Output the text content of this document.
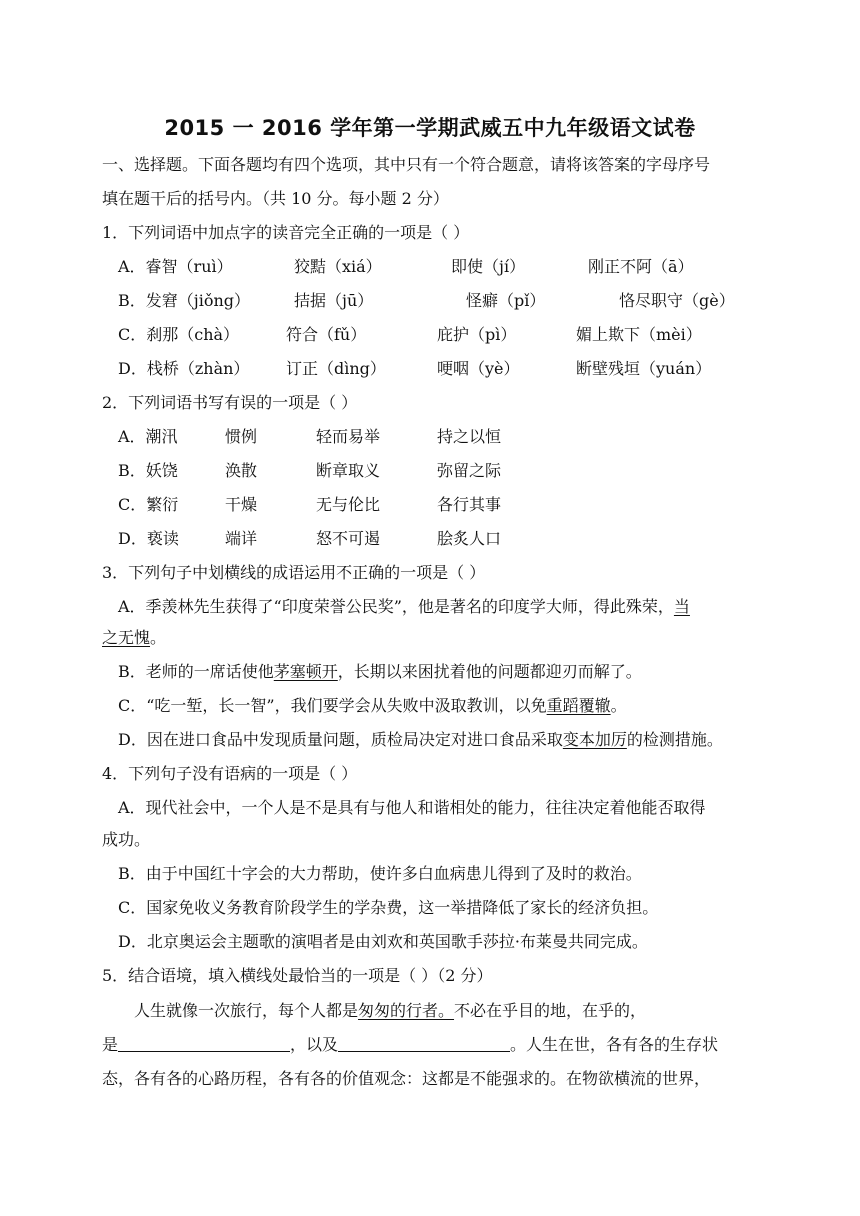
2015 一 2016 学年第一学期武威五中九年级语文试卷
一、选择题。下面各题均有四个选项，其中只有一个符合题意，请将该答案的字母序号
填在题干后的括号内。（共 10 分。每小题 2 分）
1．下列词语中加点字的读音完全正确的一项是（ ）
A．睿智（ruì）	狡黠（xiá）	即使（jí）	刚正不阿（ā）
B．发窘（jiǒng）	拮据（jū）	怪癖（pǐ）	恪尽职守（gè）
C．刹那（chà）	符合（fǔ）	庇护（pì）	媚上欺下（mèi）
D．栈桥（zhàn） 订正（dìng）	哽咽（yè）	断壁残垣（yuán）
2．下列词语书写有误的一项是（ ）
A．潮汛	惯例	轻而易举	持之以恒
B．妖饶	涣散	断章取义	弥留之际
C．繁衍	干燥	无与伦比	各行其事
D．亵读	端详	怒不可遏	脍炙人口
3．下列句子中划横线的成语运用不正确的一项是（ ）
A．季羡林先生获得了“印度荣誉公民奖”，他是著名的印度学大师，得此殊荣，当
之无愧。
B．老师的一席话使他茅塞顿开，长期以来困扰着他的问题都迎刃而解了。
C．“吃一堑，长一智”，我们要学会从失败中汲取教训，以免重蹈覆辙。
D．因在进口食品中发现质量问题，质检局决定对进口食品采取变本加厉的检测措施。
4．下列句子没有语病的一项是（ ）
A．现代社会中，一个人是不是具有与他人和谐相处的能力，往往决定着他能否取得
成功。
B．由于中国红十字会的大力帮助，使许多白血病患儿得到了及时的救治。
C．国家免收义务教育阶段学生的学杂费，这一举措降低了家长的经济负担。
D．北京奥运会主题歌的演唱者是由刘欢和英国歌手莎拉·布莱曼共同完成。
5．结合语境，填入横线处最恰当的一项是（ ）（2 分）
人生就像一次旅行，每个人都是匆匆的行者。不必在乎目的地，在乎的，
是	，以及	。人生在世，各有各的生存状
态，各有各的心路历程，各有各的价值观念：这都是不能强求的。在物欲横流的世界，
